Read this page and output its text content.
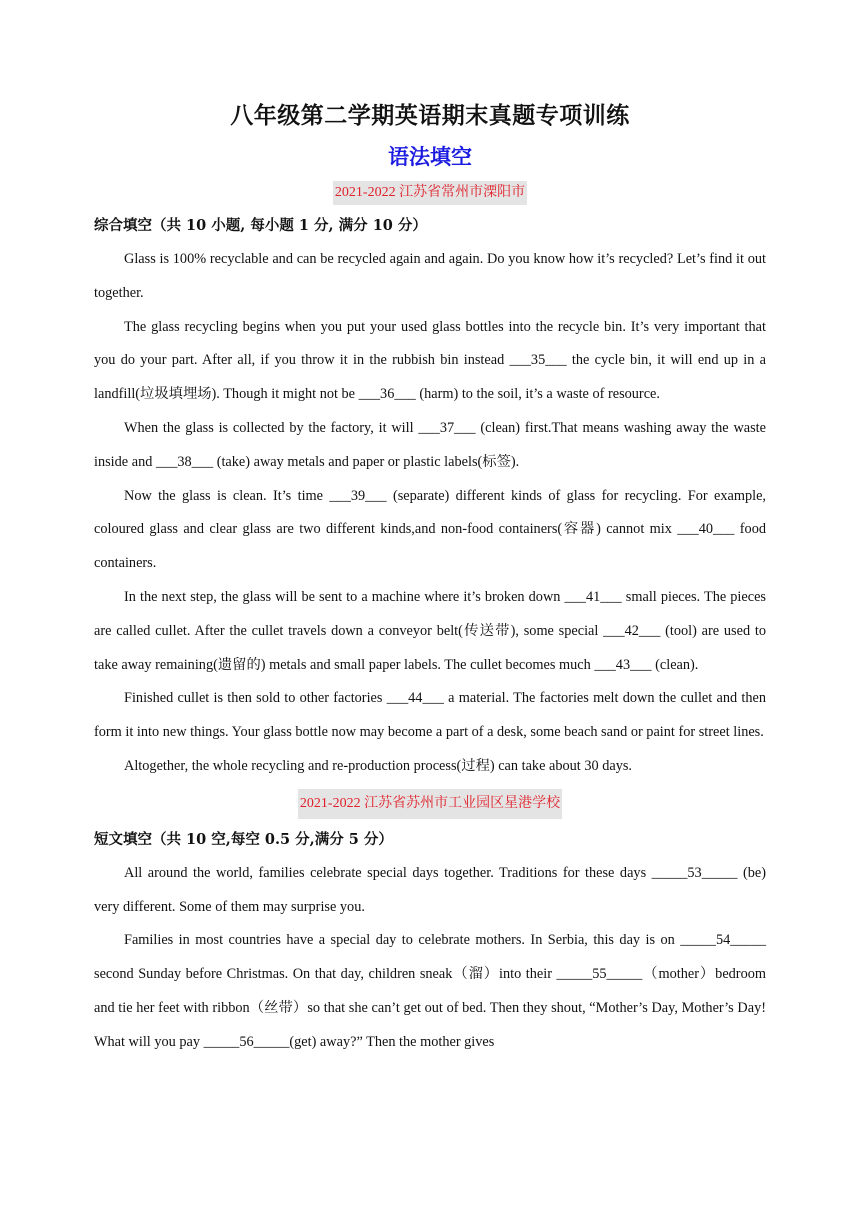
八年级第二学期英语期末真题专项训练
语法填空
2021-2022 江苏省常州市溧阳市

综合填空（共 10 小题, 每小题 1 分, 满分 10 分）

Glass is 100% recyclable and can be recycled again and again. Do you know how it’s recycled? Let’s find it out together.

The glass recycling begins when you put your used glass bottles into the recycle bin. It’s very important that you do your part. After all, if you throw it in the rubbish bin instead ___35___ the cycle bin, it will end up in a landfill(垃圾填埋场). Though it might not be ___36___ (harm) to the soil, it’s a waste of resource.

When the glass is collected by the factory, it will ___37___ (clean) first.That means washing away the waste inside and ___38___ (take) away metals and paper or plastic labels(标签).

Now the glass is clean. It’s time ___39___ (separate) different kinds of glass for recycling. For example, coloured glass and clear glass are two different kinds,and non-food containers(容器) cannot mix ___40___ food containers.

In the next step, the glass will be sent to a machine where it’s broken down ___41___ small pieces. The pieces are called cullet. After the cullet travels down a conveyor belt(传送带), some special ___42___ (tool) are used to take away remaining(遗留的) metals and small paper labels. The cullet becomes much ___43___ (clean).

Finished cullet is then sold to other factories ___44___ a material. The factories melt down the cullet and then form it into new things. Your glass bottle now may become a part of a desk, some beach sand or paint for street lines.

Altogether, the whole recycling and re-production process(过程) can take about 30 days.

2021-2022 江苏省苏州市工业园区星港学校

短文填空（共 10 空,每空 0.5 分,满分 5 分）

All around the world, families celebrate special days together. Traditions for these days _____53_____ (be) very different. Some of them may surprise you.

Families in most countries have a special day to celebrate mothers. In Serbia, this day is on _____54_____ second Sunday before Christmas. On that day, children sneak（溜）into their _____55_____（mother）bedroom and tie her feet with ribbon（丝带）so that she can’t get out of bed. Then they shout, “Mother’s Day, Mother’s Day! What will you pay _____56_____(get) away?” Then the mother gives
